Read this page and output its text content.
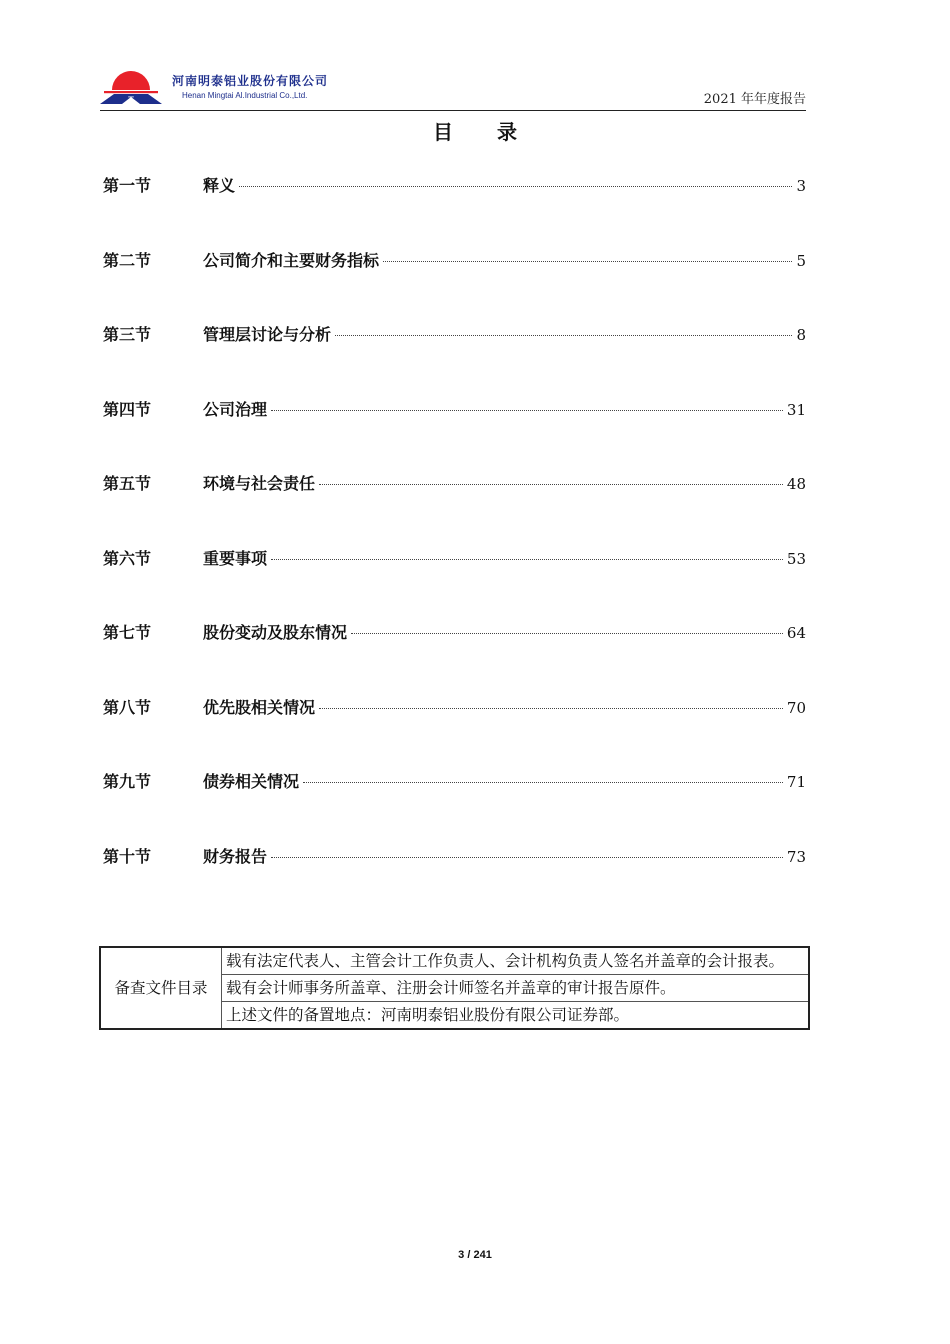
T
河南明泰铝业股份有限公司
Henan Mingtai Al.Industrial Co.,Ltd.	2021 年年度报告
目录
第一节	释义	3
第二节	公司简介和主要财务指标	5
第三节	管理层讨论与分析	8
第四节	公司治理	31
第五节	环境与社会责任	48
第六节	重要事项	53
第七节	股份变动及股东情况	64
第八节	优先股相关情况	70
第九节	债券相关情况	71
第十节	财务报告	73
备查文件目录	载有法定代表人、主管会计工作负责人、会计机构负责人签名并盖章的会计报表。
载有会计师事务所盖章、注册会计师签名并盖章的审计报告原件。
上述文件的备置地点：河南明泰铝业股份有限公司证券部。
3 / 241
